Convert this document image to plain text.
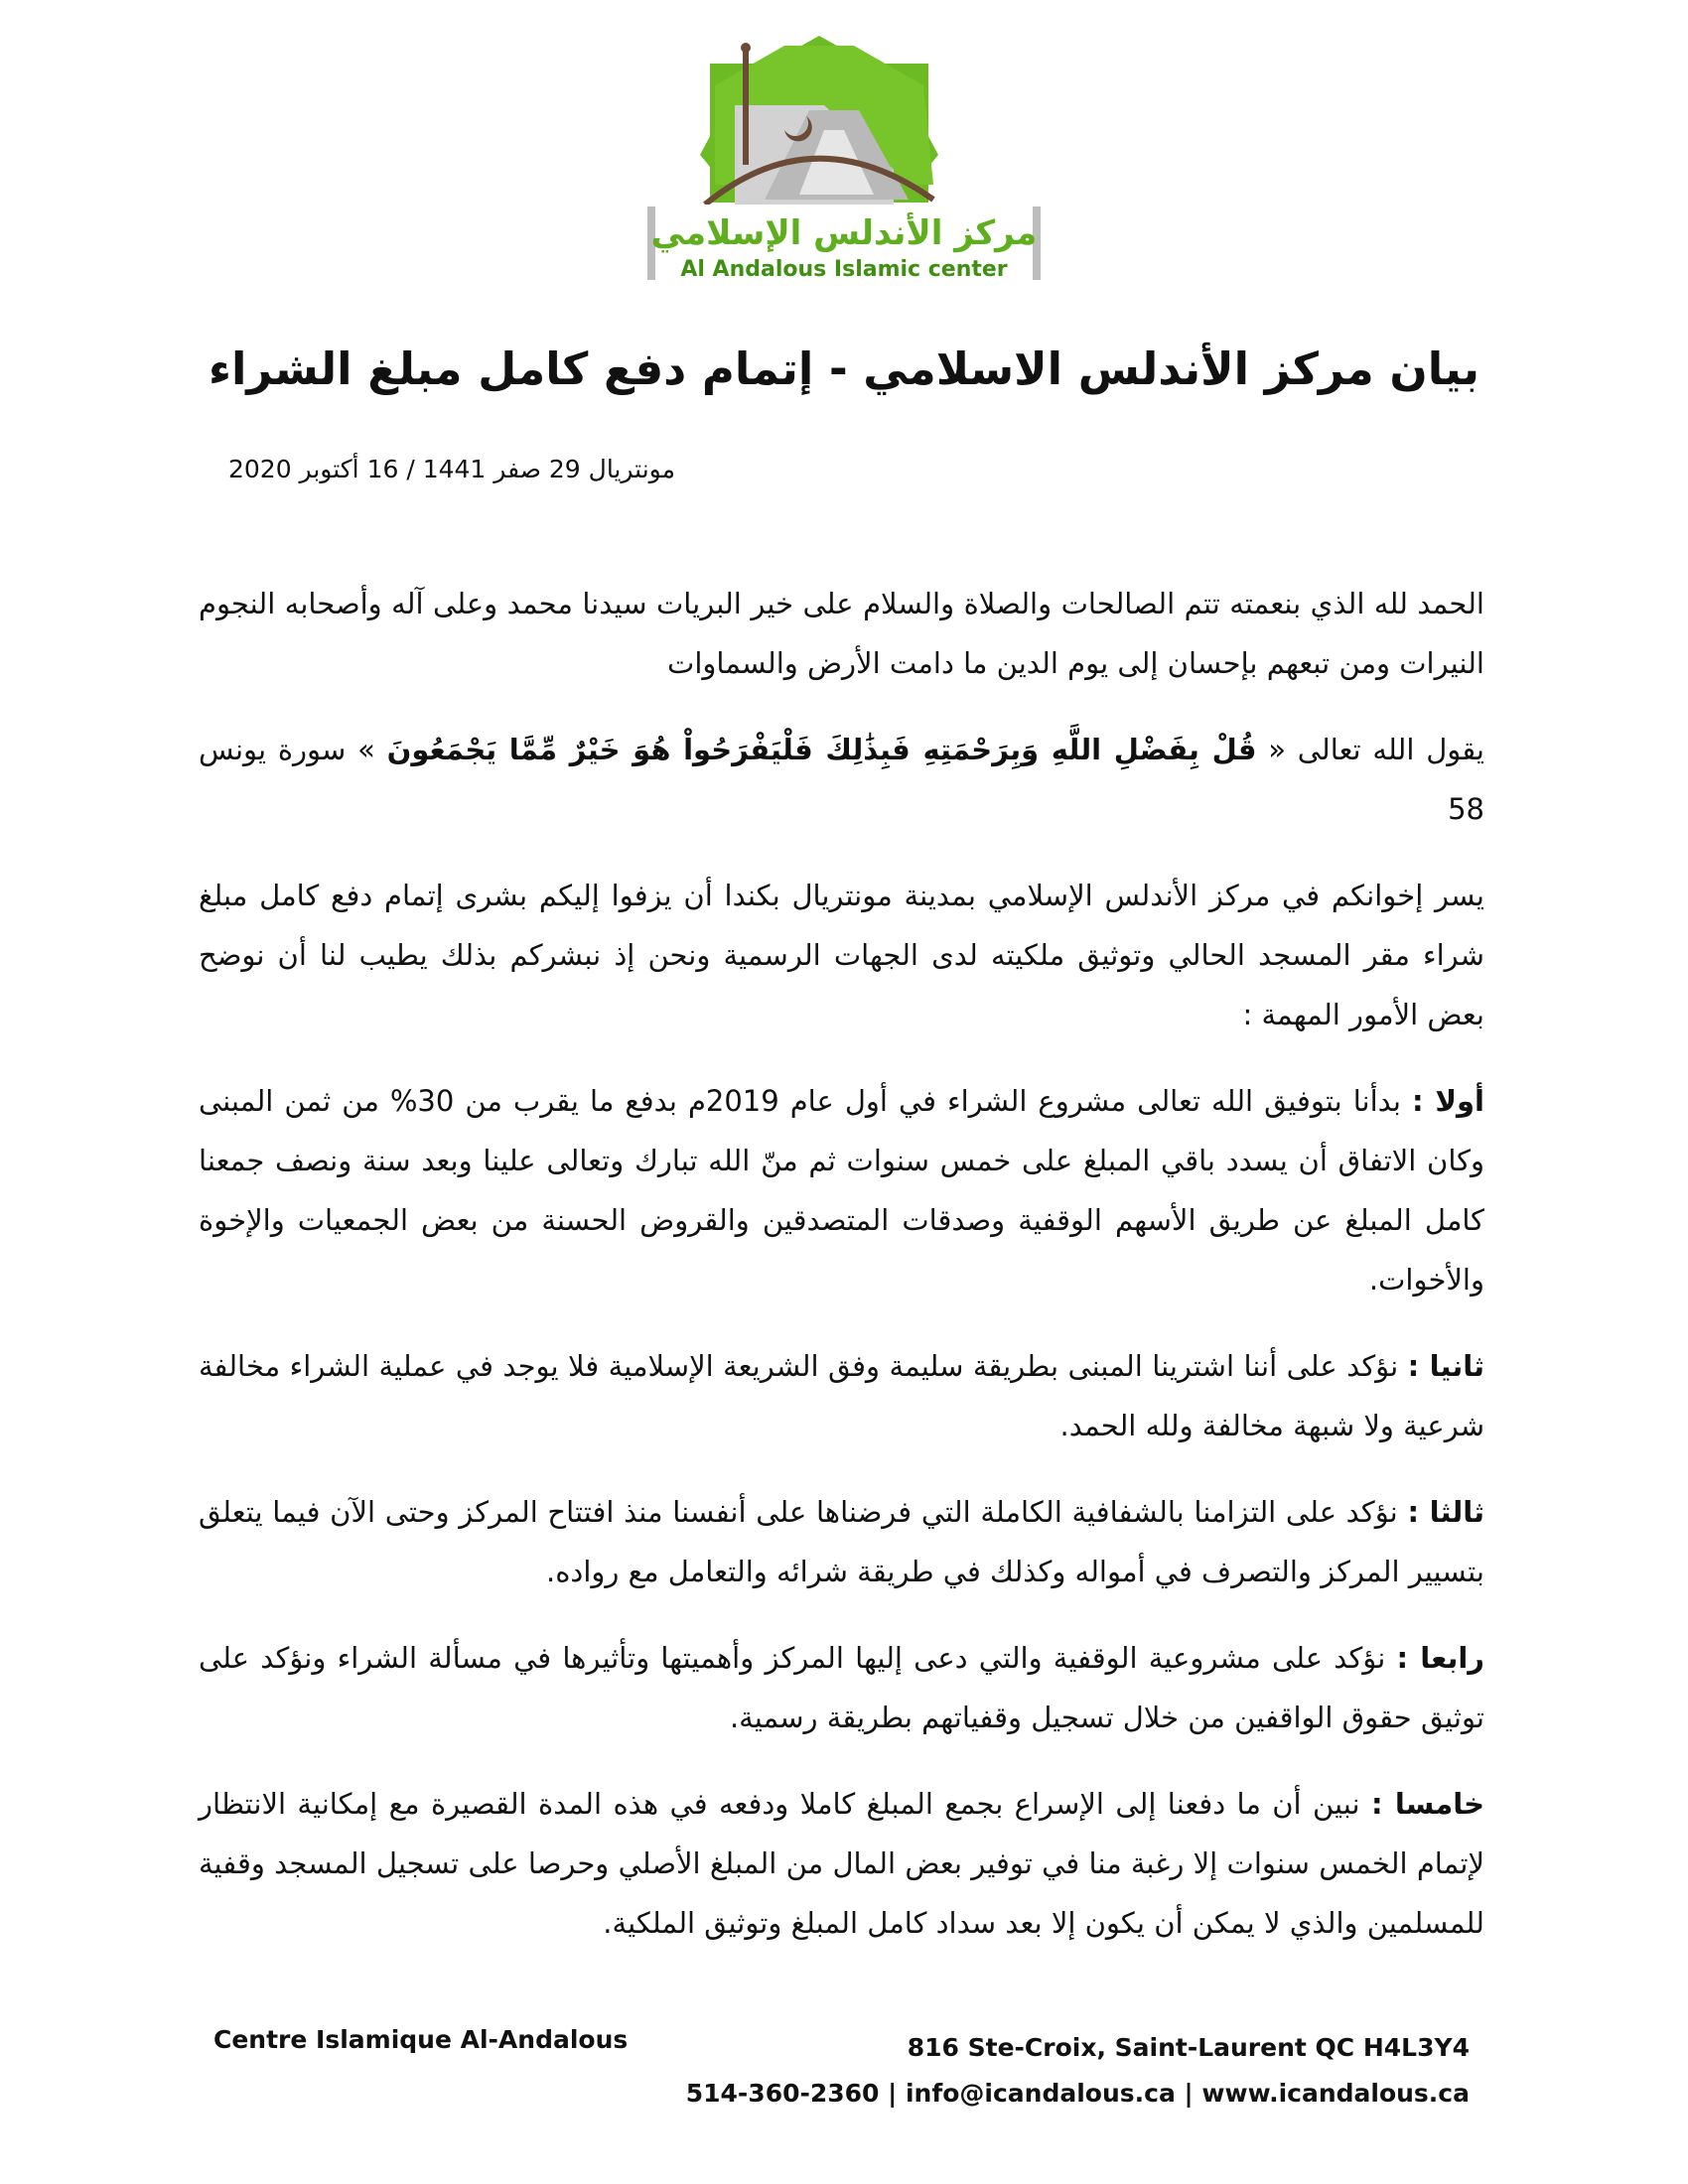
مركز الأندلس الإسلامي
Al Andalous Islamic center
بيان مركز الأندلس الاسلامي - إتمام دفع كامل مبلغ الشراء
مونتريال 29 صفر 1441 / 16 أكتوبر 2020

الحمد لله الذي بنعمته تتم الصالحات والصلاة والسلام على خير البريات سيدنا محمد وعلى آله وأصحابه النجوم النيرات ومن تبعهم بإحسان إلى يوم الدين ما دامت الأرض والسماوات

يقول الله تعالى « قُلْ بِفَضْلِ اللَّهِ وَبِرَحْمَتِهِ فَبِذَٰلِكَ فَلْيَفْرَحُواْ هُوَ خَيْرٌ مِّمَّا يَجْمَعُونَ » سورة يونس 58

يسر إخوانكم في مركز الأندلس الإسلامي بمدينة مونتريال بكندا أن يزفوا إليكم بشرى إتمام دفع كامل مبلغ شراء مقر المسجد الحالي وتوثيق ملكيته لدى الجهات الرسمية ونحن إذ نبشركم بذلك يطيب لنا أن نوضح بعض الأمور المهمة :

أولا : بدأنا بتوفيق الله تعالى مشروع الشراء في أول عام 2019م بدفع ما يقرب من 30% من ثمن المبنى وكان الاتفاق أن يسدد باقي المبلغ على خمس سنوات ثم منّ الله تبارك وتعالى علينا وبعد سنة ونصف جمعنا كامل المبلغ عن طريق الأسهم الوقفية وصدقات المتصدقين والقروض الحسنة من بعض الجمعيات والإخوة والأخوات.

ثانيا : نؤكد على أننا اشترينا المبنى بطريقة سليمة وفق الشريعة الإسلامية فلا يوجد في عملية الشراء مخالفة شرعية ولا شبهة مخالفة ولله الحمد.

ثالثا : نؤكد على التزامنا بالشفافية الكاملة التي فرضناها على أنفسنا منذ افتتاح المركز وحتى الآن فيما يتعلق بتسيير المركز والتصرف في أمواله وكذلك في طريقة شرائه والتعامل مع رواده.

رابعا : نؤكد على مشروعية الوقفية والتي دعى إليها المركز وأهميتها وتأثيرها في مسألة الشراء ونؤكد على توثيق حقوق الواقفين من خلال تسجيل وقفياتهم بطريقة رسمية.

خامسا : نبين أن ما دفعنا إلى الإسراع بجمع المبلغ كاملا ودفعه في هذه المدة القصيرة مع إمكانية الانتظار لإتمام الخمس سنوات إلا رغبة منا في توفير بعض المال من المبلغ الأصلي وحرصا على تسجيل المسجد وقفية للمسلمين والذي لا يمكن أن يكون إلا بعد سداد كامل المبلغ وتوثيق الملكية.

Centre Islamique Al-Andalous	816 Ste-Croix, Saint-Laurent QC H4L3Y4
514-360-2360 | info@icandalous.ca | www.icandalous.ca
